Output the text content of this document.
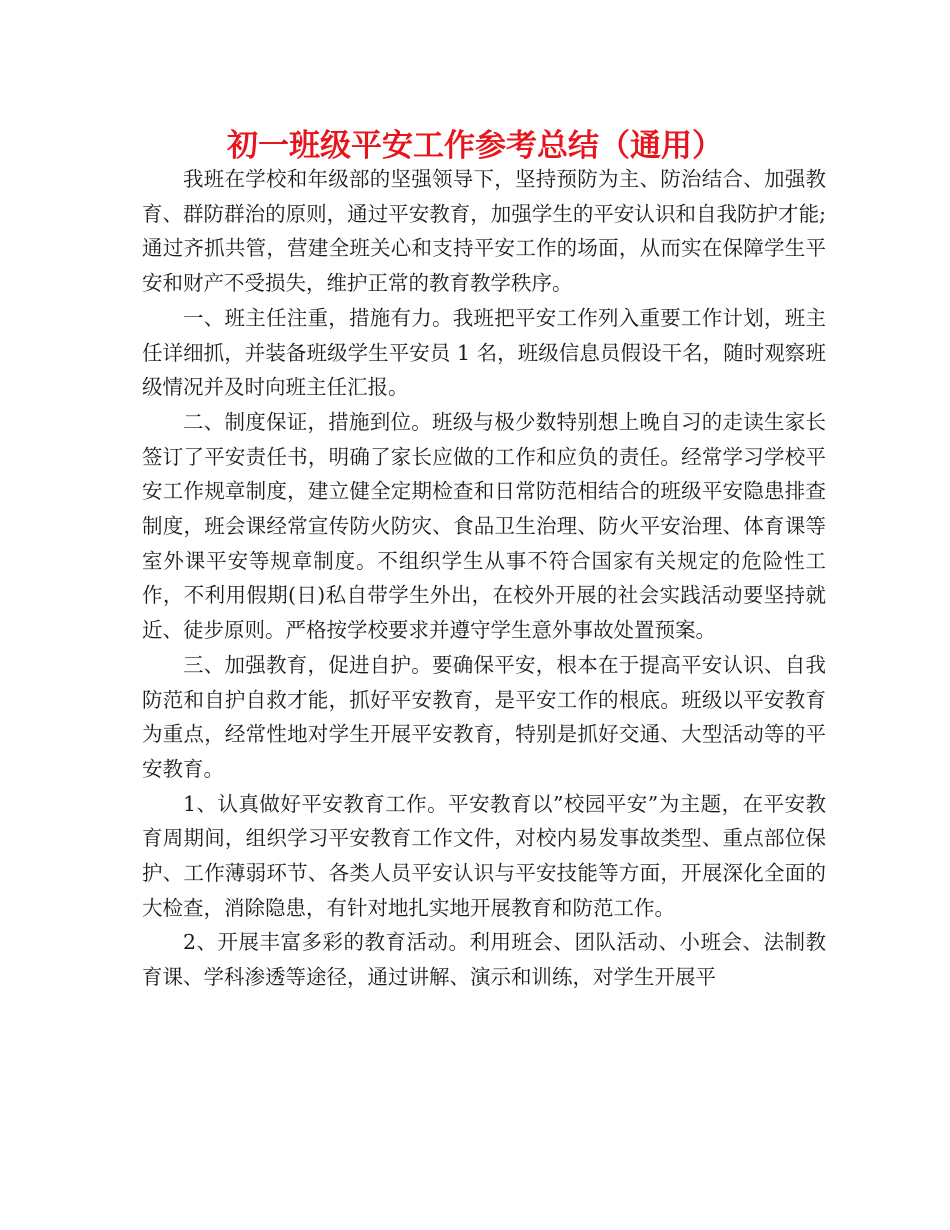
初一班级平安工作参考总结（通用）

我班在学校和年级部的坚强领导下，坚持预防为主、防治结合、加强教育、群防群治的原则，通过平安教育，加强学生的平安认识和自我防护才能;通过齐抓共管，营建全班关心和支持平安工作的场面，从而实在保障学生平安和财产不受损失，维护正常的教育教学秩序。

一、班主任注重，措施有力。我班把平安工作列入重要工作计划，班主任详细抓，并装备班级学生平安员 1 名，班级信息员假设干名，随时观察班级情况并及时向班主任汇报。

二、制度保证，措施到位。班级与极少数特别想上晚自习的走读生家长签订了平安责任书，明确了家长应做的工作和应负的责任。经常学习学校平安工作规章制度，建立健全定期检查和日常防范相结合的班级平安隐患排查制度，班会课经常宣传防火防灾、食品卫生治理、防火平安治理、体育课等室外课平安等规章制度。不组织学生从事不符合国家有关规定的危险性工作，不利用假期(日)私自带学生外出，在校外开展的社会实践活动要坚持就近、徒步原则。严格按学校要求并遵守学生意外事故处置预案。

三、加强教育，促进自护。要确保平安，根本在于提高平安认识、自我防范和自护自救才能，抓好平安教育，是平安工作的根底。班级以平安教育为重点，经常性地对学生开展平安教育，特别是抓好交通、大型活动等的平安教育。

1、认真做好平安教育工作。平安教育以”校园平安”为主题，在平安教育周期间，组织学习平安教育工作文件，对校内易发事故类型、重点部位保护、工作薄弱环节、各类人员平安认识与平安技能等方面，开展深化全面的大检查，消除隐患，有针对地扎实地开展教育和防范工作。

2、开展丰富多彩的教育活动。利用班会、团队活动、小班会、法制教育课、学科渗透等途径，通过讲解、演示和训练，对学生开展平
